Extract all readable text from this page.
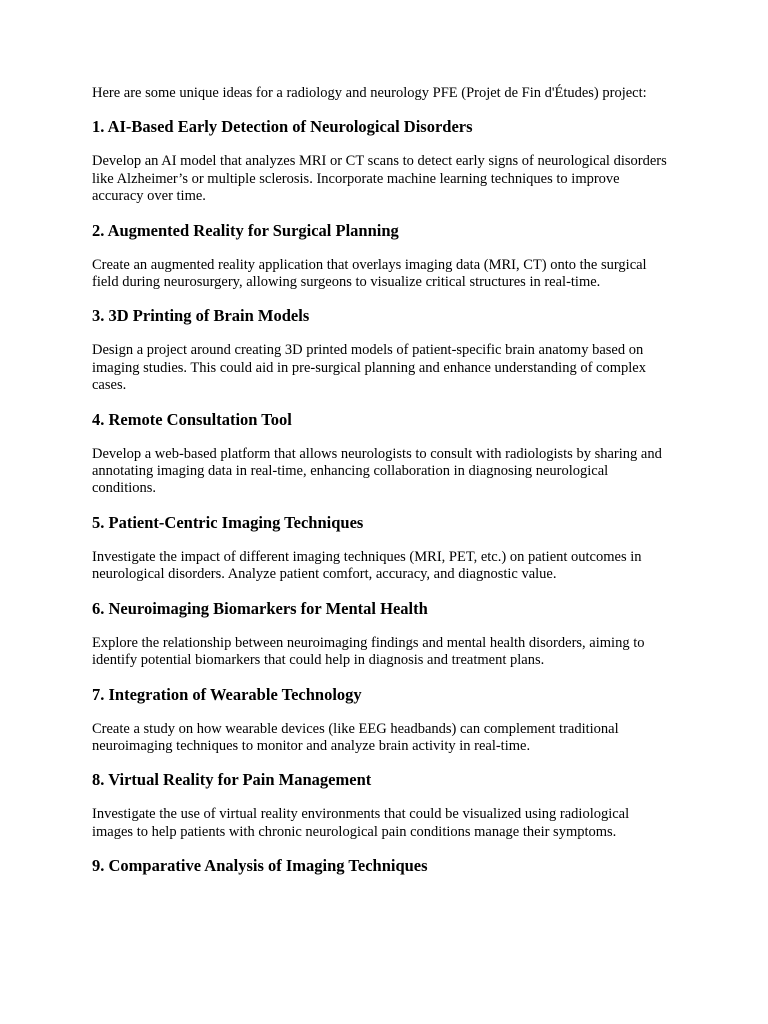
Here are some unique ideas for a radiology and neurology PFE (Projet de Fin d'Études) project:

1. AI-Based Early Detection of Neurological Disorders

Develop an AI model that analyzes MRI or CT scans to detect early signs of neurological disorders like Alzheimer’s or multiple sclerosis. Incorporate machine learning techniques to improve accuracy over time.

2. Augmented Reality for Surgical Planning

Create an augmented reality application that overlays imaging data (MRI, CT) onto the surgical field during neurosurgery, allowing surgeons to visualize critical structures in real-time.

3. 3D Printing of Brain Models

Design a project around creating 3D printed models of patient-specific brain anatomy based on imaging studies. This could aid in pre-surgical planning and enhance understanding of complex cases.

4. Remote Consultation Tool

Develop a web-based platform that allows neurologists to consult with radiologists by sharing and annotating imaging data in real-time, enhancing collaboration in diagnosing neurological conditions.

5. Patient-Centric Imaging Techniques

Investigate the impact of different imaging techniques (MRI, PET, etc.) on patient outcomes in neurological disorders. Analyze patient comfort, accuracy, and diagnostic value.

6. Neuroimaging Biomarkers for Mental Health

Explore the relationship between neuroimaging findings and mental health disorders, aiming to identify potential biomarkers that could help in diagnosis and treatment plans.

7. Integration of Wearable Technology

Create a study on how wearable devices (like EEG headbands) can complement traditional neuroimaging techniques to monitor and analyze brain activity in real-time.

8. Virtual Reality for Pain Management

Investigate the use of virtual reality environments that could be visualized using radiological images to help patients with chronic neurological pain conditions manage their symptoms.

9. Comparative Analysis of Imaging Techniques
